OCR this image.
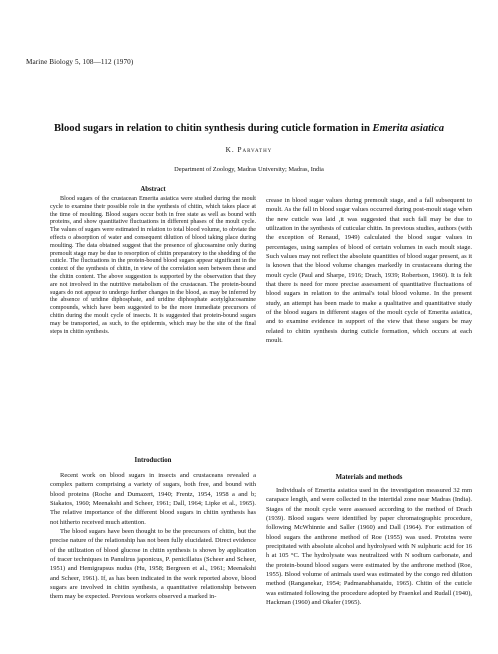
Marine Biology 5, 108—112 (1970)
Blood sugars in relation to chitin synthesis during cuticle formation in Emerita asiatica
K. Parvathy
Department of Zoology, Madras University; Madras, India
Abstract

Blood sugars of the crustacean Emerita asiatica were studied during the moult cycle to examine their possible role in the synthesis of chitin, which takes place at the time of moulting. Blood sugars occur both in free state as well as bound with proteins, and show quantitative fluctuations in different phases of the moult cycle. The values of sugars were estimated in relation to total blood volume, to obviate the effects o absorption of water and consequent dilution of blood taking place during moulting. The data obtained suggest that the presence of glucosamine only during premoult stage may be due to resorption of chitin preparatory to the shedding of the cuticle. The fluctuations in the protein-bound blood sugars appear significant in the context of the synthesis of chitin, in view of the correlation seen between these and the chitin content. The above suggestion is supported by the observation that they are not involved in the nutritive metabolism of the crustacean. The protein-bound sugars do not appear to undergo further changes in the blood, as may be inferred by the absence of uridine diphosphate, and uridine diphosphate acetylglucosamine compounds, which have been suggested to be the more immediate precursors of chitin during the moult cycle of insects. It is suggested that protein-bound sugars may be transported, as such, to the epidermis, which may be the site of the final steps in chitin synthesis.

Introduction

Recent work on blood sugars in insects and crustaceans revealed a complex pattern comprising a variety of sugars, both free, and bound with blood proteins (Roche and Dumazert, 1940; Frentz, 1954, 1958 a and b; Siakatos, 1960; Meenakshi and Scheer, 1961; Dall, 1964; Lipke et al., 1965). The relative importance of the different blood sugars in chitin synthesis has not hitherto received much attention.

The blood sugars have been thought to be the precursors of chitin, but the precise nature of the relationship has not been fully elucidated. Direct evidence of the utilization of blood glucose in chitin synthesis is shown by application of tracer techniques in Panulirus japonicus, P. penicillatus (Scheer and Scheer, 1951) and Hemigrapsus nudus (Hu, 1958; Bergreen et al., 1961; Meenakshi and Scheer, 1961). If, as has been indicated in the work reported above, blood sugars are involved in chitin synthesis, a quantitative relationship between them may be expected. Previous workers observed a marked in-

crease in blood sugar values during premoult stage, and a fall subsequent to moult. As the fall in blood sugar values occurred during post-moult stage when the new cuticle was laid ,it was suggested that such fall may be due to utilization in the synthesis of cuticular chitin. In previous studies, authors (with the exception of Renaud, 1949) calculated the blood sugar values in percentages, using samples of blood of certain volumes in each moult stage. Such values may not reflect the absolute quantities of blood sugar present, as it is known that the blood volume changes markedly in crustaceans during the moult cycle (Paul and Sharpe, 1916; Drach, 1939; Robertson, 1960). It is felt that there is need for more precise assessment of quantitative fluctuations of blood sugars in relation to the animal's total blood volume. In the present study, an attempt has been made to make a qualitative and quantitative study of the blood sugars in different stages of the moult cycle of Emerita asiatica, and to examine evidence in support of the view that these sugars be may related to chitin synthesis during cuticle formation, which occurs at each moult.

Materials and methods

Individuals of Emerita asiatica used in the investigation measured 32 mm carapace length, and were collected in the intertidal zone near Madras (India). Stages of the moult cycle were assessed according to the method of Drach (1939). Blood sugars were identified by paper chromatographic procedure, following McWhinnie and Saller (1960) and Dall (1964). For estimation of blood sugars the anthrone method of Roe (1955) was used. Proteins were precipitated with absolute alcohol and hydrolysed with N sulphuric acid for 16 h at 105 °C. The hydrolysate was neutralized with N sodium carbonate, and the protein-bound blood sugars were estimated by the anthrone method (Roe, 1955). Blood volume of animals used was estimated by the congo red dilution method (Ranganekar, 1954; Padmanabhanaidu, 1965). Chitin of the cuticle was estimated following the procedure adopted by Fraenkel and Rudall (1940), Hackman (1960) and Okafer (1965).
